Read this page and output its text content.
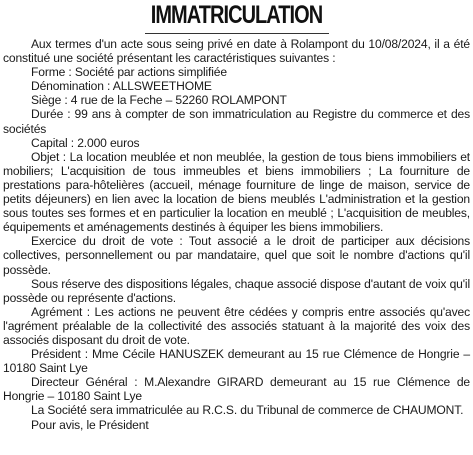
IMMATRICULATION

Aux termes d'un acte sous seing privé en date à Rolampont du 10/08/2024, il a été constitué une société présentant les caractéristiques suivantes :

Forme : Société par actions simplifiée

Dénomination : ALLSWEETHOME

Siège : 4 rue de la Feche – 52260 ROLAMPONT

Durée : 99 ans à compter de son immatriculation au Registre du commerce et des sociétés

Capital : 2.000 euros

Objet : La location meublée et non meublée, la gestion de tous biens immobiliers et mobiliers; L'acquisition de tous immeubles et biens immobiliers ; La fourniture de prestations para-hôtelières (accueil, ménage fourniture de linge de maison, service de petits déjeuners) en lien avec la location de biens meublés L'administration et la gestion sous toutes ses formes et en particulier la location en meublé ; L'acquisition de meubles, équipements et aménagements destinés à équiper les biens immobiliers.

Exercice du droit de vote : Tout associé a le droit de participer aux décisions collectives, personnellement ou par mandataire, quel que soit le nombre d'actions qu'il possède.

Sous réserve des dispositions légales, chaque associé dispose d'autant de voix qu'il possède ou représente d'actions.

Agrément : Les actions ne peuvent être cédées y compris entre associés qu'avec l'agrément préalable de la collectivité des associés statuant à la majorité des voix des associés disposant du droit de vote.

Président : Mme Cécile HANUSZEK demeurant au 15 rue Clémence de Hongrie – 10180 Saint Lye

Directeur Général : M.Alexandre GIRARD demeurant au 15 rue Clémence de Hongrie – 10180 Saint Lye

La Société sera immatriculée au R.C.S. du Tribunal de commerce de CHAUMONT.

Pour avis, le Président
